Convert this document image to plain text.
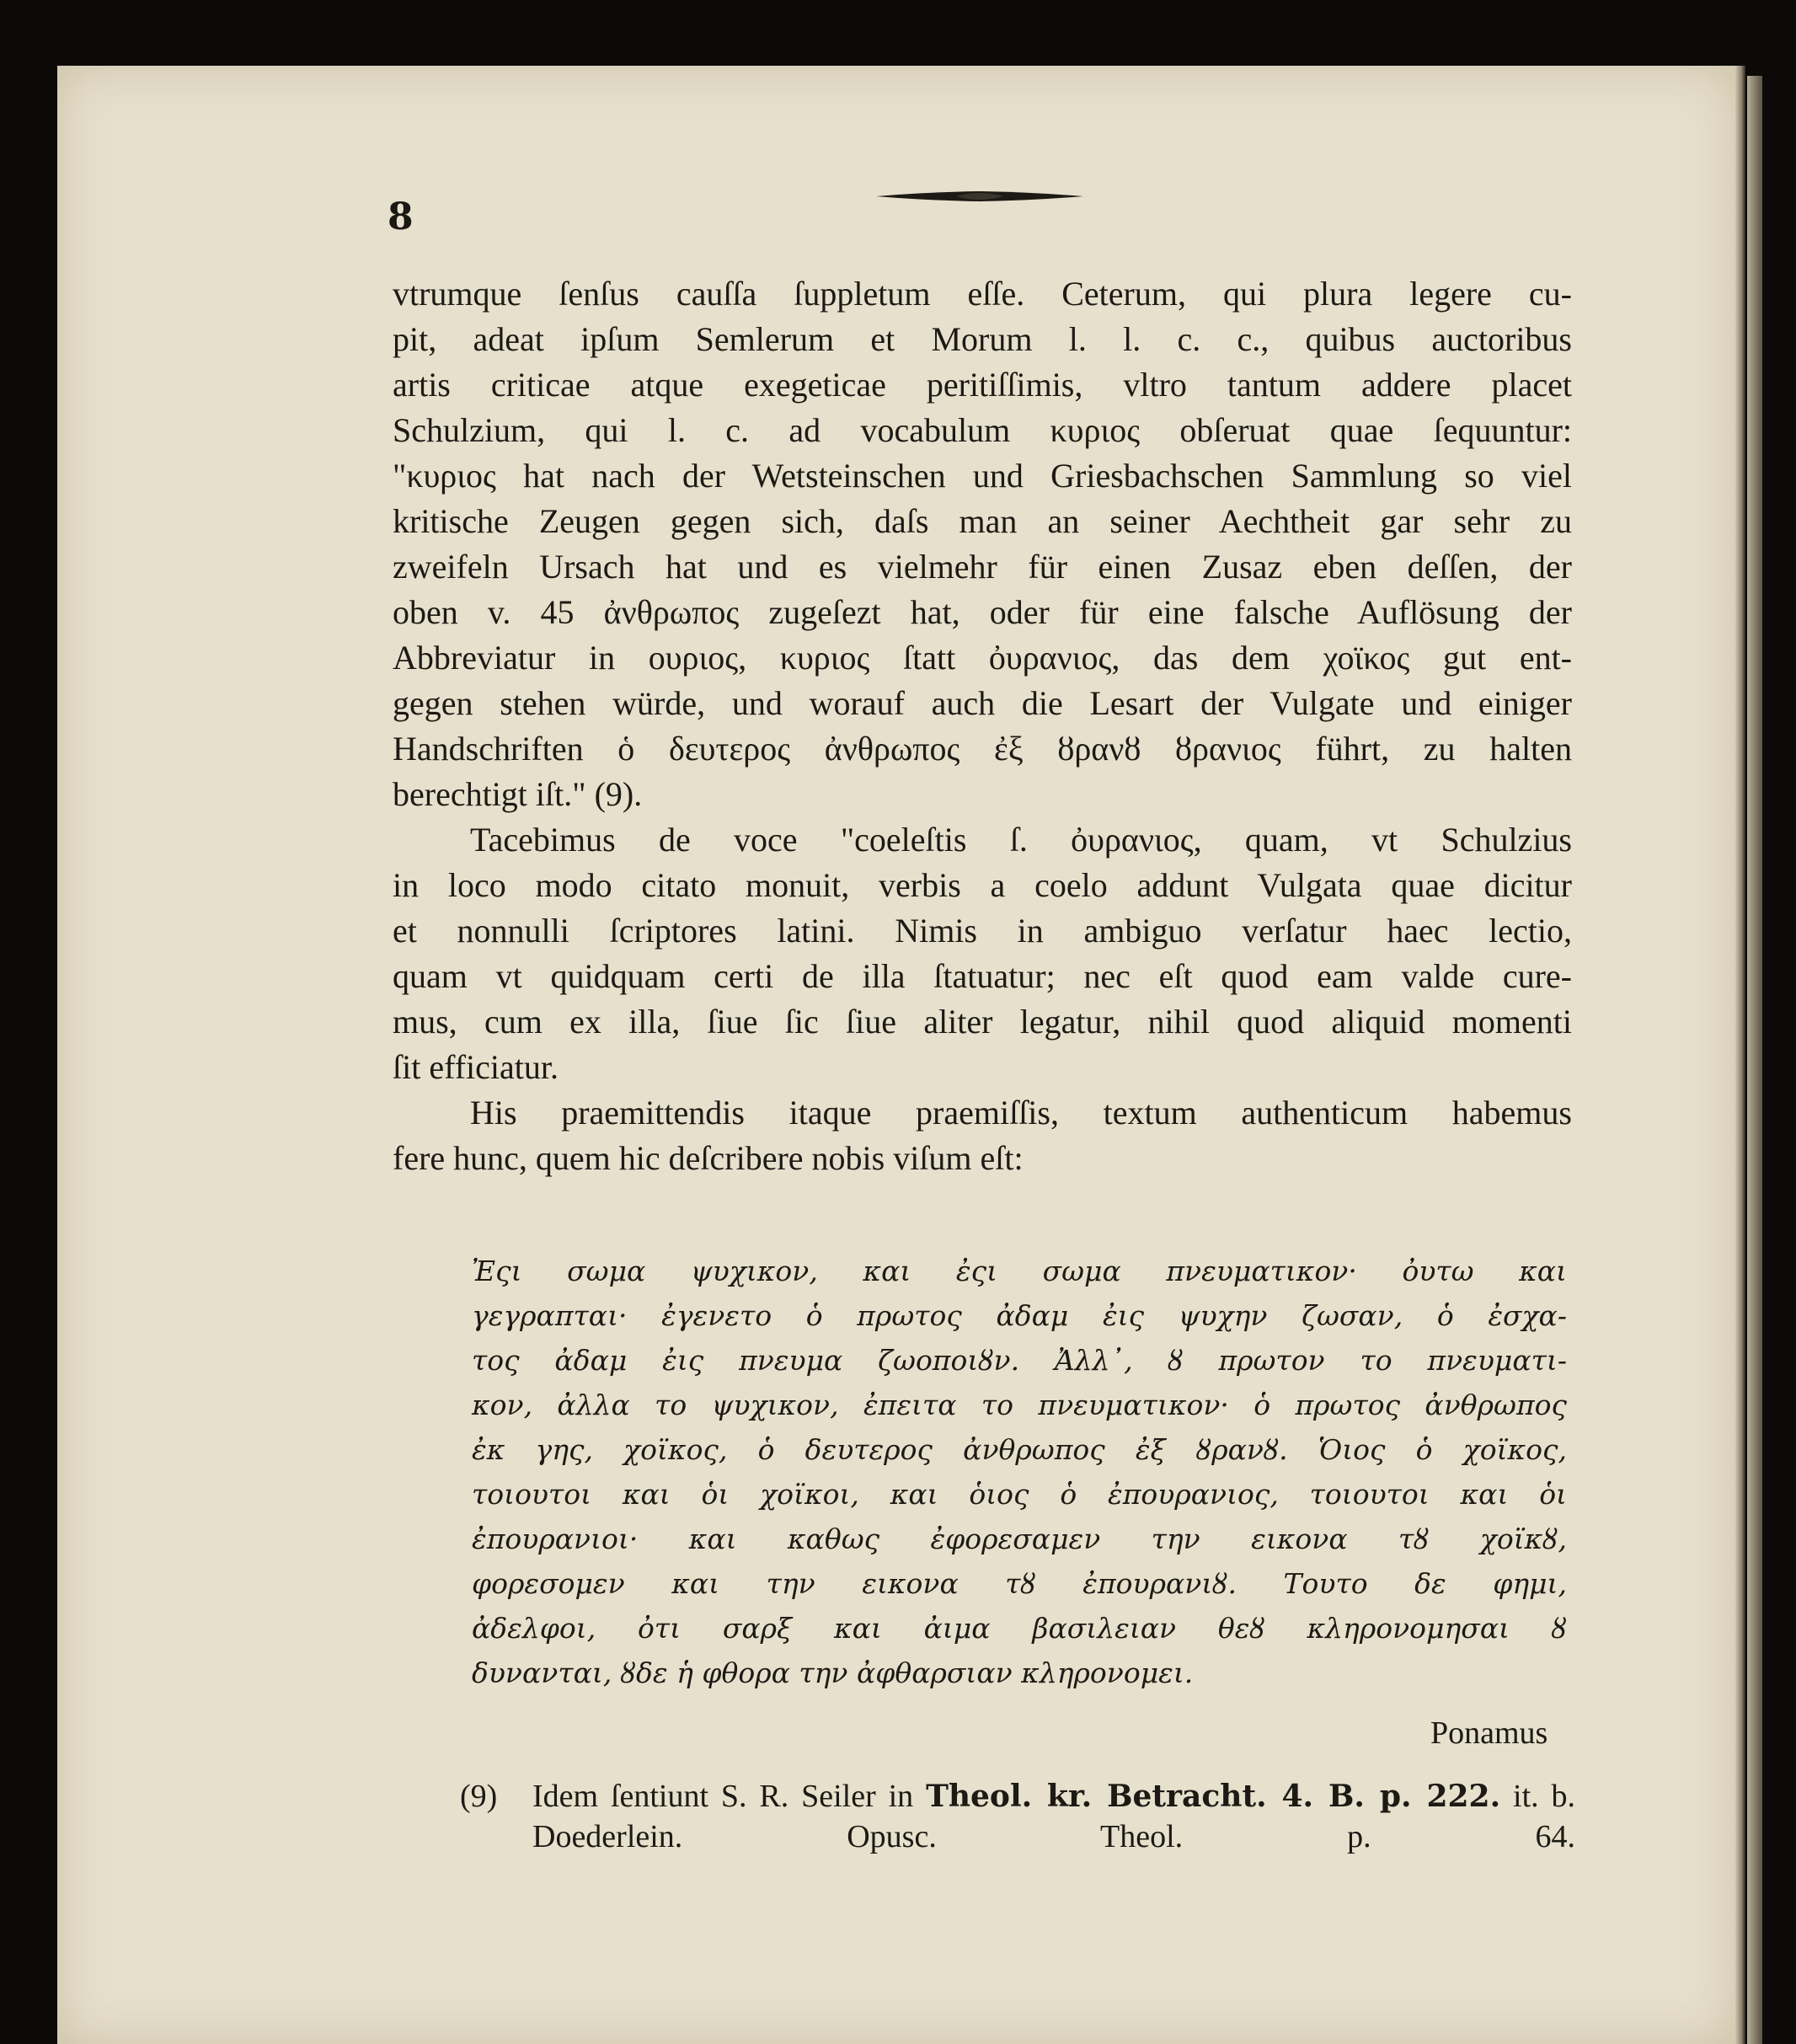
8

vtrumque ſenſus cauſſa ſuppletum eſſe. Ceterum, qui plura legere cu-
pit, adeat ipſum Semlerum et Morum l. l. c. c., quibus auctoribus
artis criticae atque exegeticae peritiſſimis, vltro tantum addere placet
Schulzium, qui l. c. ad vocabulum κυριος obſeruat quae ſequuntur:
"κυριος hat nach der Wetsteinschen und Griesbachschen Sammlung so viel
kritische Zeugen gegen sich, daſs man an seiner Aechtheit gar sehr zu
zweifeln Ursach hat und es vielmehr für einen Zusaz eben deſſen, der
oben v. 45 ἀνθρωπος zugeſezt hat, oder für eine falsche Auflösung der
Abbreviatur in ουριος, κυριος ſtatt ὀυρανιος, das dem χοϊκος gut ent-
gegen stehen würde, und worauf auch die Lesart der Vulgate und einiger
Handschriften ὁ δευτερος ἀνθρωπος ἐξ ȣρανȣ ȣρανιος führt, zu halten
berechtigt iſt." (9).

Tacebimus de voce "coeleſtis ſ. ὀυρανιος, quam, vt Schulzius
in loco modo citato monuit, verbis a coelo addunt Vulgata quae dicitur
et nonnulli ſcriptores latini. Nimis in ambiguo verſatur haec lectio,
quam vt quidquam certi de illa ſtatuatur; nec eſt quod eam valde cure-
mus, cum ex illa, ſiue ſic ſiue aliter legatur, nihil quod aliquid momenti
ſit efficiatur.

His praemittendis itaque praemiſſis, textum authenticum habemus
fere hunc, quem hic deſcribere nobis viſum eſt:

Ἐςι σωμα ψυχικον, και ἐςι σωμα πνευματικον· ὀυτω και
γεγραπται· ἐγενετο ὁ πρωτος ἀδαμ ἐις ψυχην ζωσαν, ὁ ἐσχα-
τος ἀδαμ ἐις πνευμα ζωοποιȣν. Ἀλλ᾽, ȣ πρωτον το πνευματι-
κον, ἀλλα το ψυχικον, ἐπειτα το πνευματικον· ὁ πρωτος ἀνθρωπος
ἐκ γης, χοϊκος, ὁ δευτερος ἀνθρωπος ἐξ ȣρανȣ. Ὁιος ὁ χοϊκος,
τοιουτοι και ὁι χοϊκοι, και ὁιος ὁ ἐπουρανιος, τοιουτοι και ὁι
ἐπουρανιοι· και καθως ἐφορεσαμεν την εικονα τȣ χοϊκȣ,
φορεσομεν και την εικονα τȣ ἐπουρανιȣ. Τουτο δε φημι,
ἀδελφοι, ὀτι σαρξ και ἀιμα βασιλειαν θεȣ κληρονομησαι ȣ
δυνανται, ȣδε ἡ φθορα την ἀφθαρσιαν κληρονομει.
Ponamus
(9) Idem ſentiunt S. R. Seiler in Theol. kr. Betracht. 4. B. p. 222. it. b.
Doederlein. Opusc. Theol. p. 64.
